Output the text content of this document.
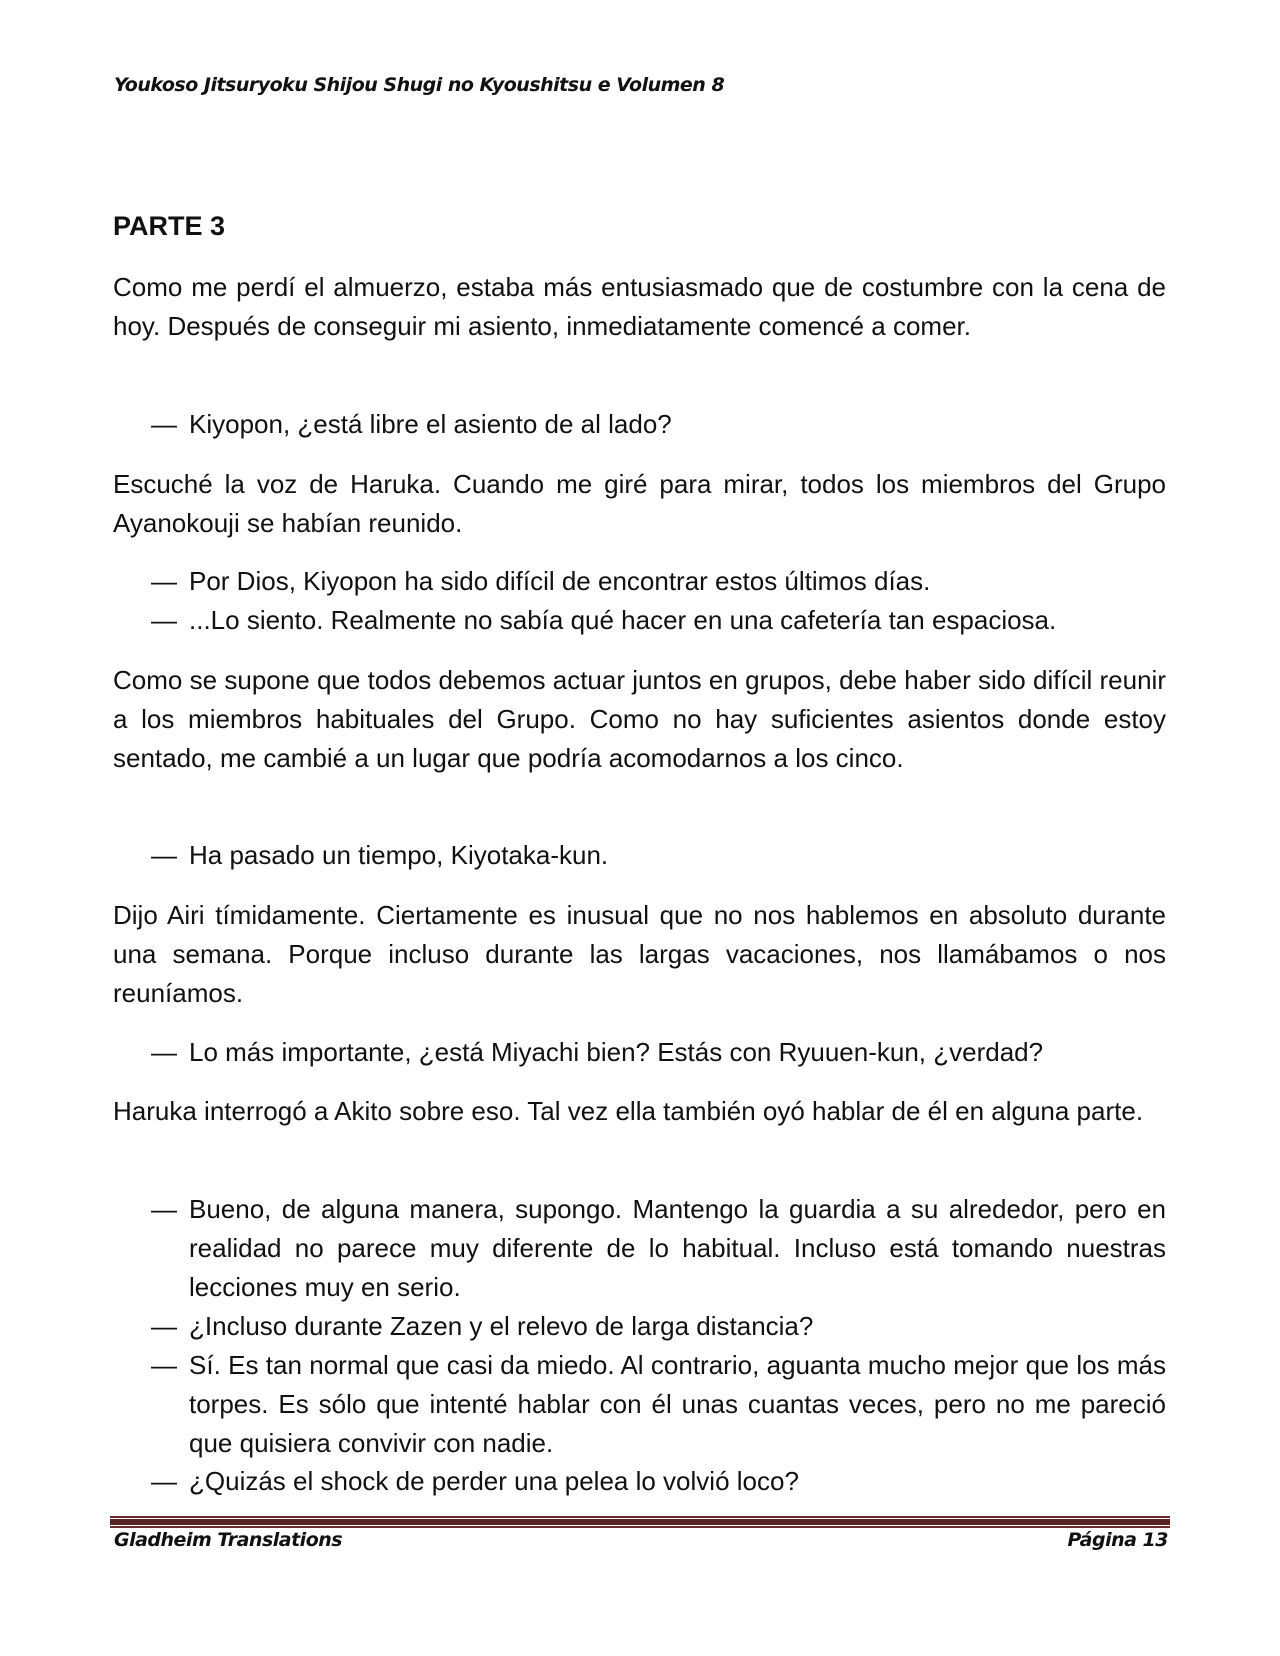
Youkoso Jitsuryoku Shijou Shugi no Kyoushitsu e Volumen 8
PARTE 3
Como me perdí el almuerzo, estaba más entusiasmado que de costumbre con la cena de hoy. Después de conseguir mi asiento, inmediatamente comencé a comer.
— Kiyopon, ¿está libre el asiento de al lado?
Escuché la voz de Haruka. Cuando me giré para mirar, todos los miembros del Grupo Ayanokouji se habían reunido.
— Por Dios, Kiyopon ha sido difícil de encontrar estos últimos días.
— ...Lo siento. Realmente no sabía qué hacer en una cafetería tan espaciosa.
Como se supone que todos debemos actuar juntos en grupos, debe haber sido difícil reunir a los miembros habituales del Grupo. Como no hay suficientes asientos donde estoy sentado, me cambié a un lugar que podría acomodarnos a los cinco.
— Ha pasado un tiempo, Kiyotaka-kun.
Dijo Airi tímidamente. Ciertamente es inusual que no nos hablemos en absoluto durante una semana. Porque incluso durante las largas vacaciones, nos llamábamos o nos reuníamos.
— Lo más importante, ¿está Miyachi bien? Estás con Ryuuen-kun, ¿verdad?
Haruka interrogó a Akito sobre eso. Tal vez ella también oyó hablar de él en alguna parte.
— Bueno, de alguna manera, supongo. Mantengo la guardia a su alrededor, pero en realidad no parece muy diferente de lo habitual. Incluso está tomando nuestras lecciones muy en serio.
— ¿Incluso durante Zazen y el relevo de larga distancia?
— Sí. Es tan normal que casi da miedo. Al contrario, aguanta mucho mejor que los más torpes. Es sólo que intenté hablar con él unas cuantas veces, pero no me pareció que quisiera convivir con nadie.
— ¿Quizás el shock de perder una pelea lo volvió loco?
Gladheim Translations	Página 13
